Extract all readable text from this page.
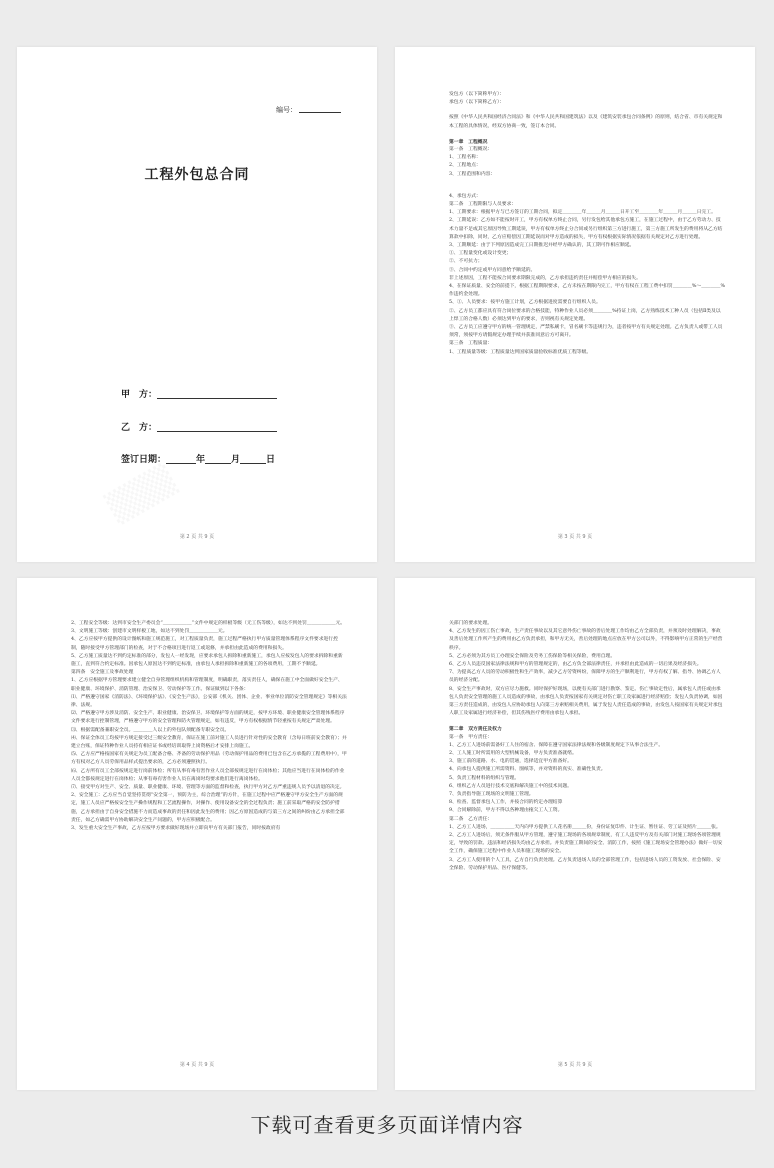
编号：
工程外包总合同
甲　方：
乙　方：
签订日期：	年	月	日
第 2 页 共 9 页

发包方（以下简称甲方）：

承包方（以下简称乙方）：

按照《中华人民共和国经济合同法》和《中华人民共和国建筑法》以及《建筑安装承包合同条例》的原则，结合省、市有关规定和本工程的具体情况，经双方协商一致，签订本合同。

第一章　工程概况

第一条　工程概况：

1、工程名称：

2、工程地点：

3、工程范围和内容：

4、承包方式：

第二条　工程期限与人员要求：

1、工期要求：根据甲方与已方签订的工期合同，拟定＿＿＿＿年＿＿＿月＿＿＿日开工至＿＿＿＿年＿＿＿月＿＿＿日完工。

2、工期延误：乙方如不能按时开工，甲方有权单方终止合同，另行发包给其他承包方施工，在施工过程中，由于乙方劳动力、技术力量不足或其它原因导致工期延误，甲方有权单方终止分合同或另行组织第三方进行施工，第三方施工所发生的费用将从乙方结算款中扣除，同时，乙方应赔偿因工期延误而对甲方造成的损失，甲方有权根据实际情况依据有关规定对乙方进行处理。

3、工期顺延：由于下列原因造成完工日期推迟并经甲方确认的，其工期可作相应顺延。

①、工程量变化或设计变更；

②、不可抗力；

③、合同中约定或甲方同意给予顺延的。

非上述原因，工程不能按合同要求期限完成的，乙方承担违约责任并赔偿甲方相应的损失。

4、在保证质量、安全的前提下，根据工程期限要求，乙方未按在期限内完工，甲方有权在工程工费中扣罚＿＿＿＿%～＿＿＿＿%作违约金处理。

5、①、人员要求：按甲方施工计划，乙方根据进度需要自行组织人员。

②、乙方员工都应具有符合岗位要求的合格技能，特种作业人员必须＿＿＿＿%持证上岗，乙方熟练技术工种人员（包括Ⅱ类及以上焊工的合格人数）必须达到甲方的要求，否则视有关规定处理。

③、乙方员工应遵守甲方的统一管理规定，严禁私刷卡，冒名刷卡等违规行为，违者按甲方有关规定处理。乙方负责人或带工人员须常，须按甲方请假规定办理手续并获准同意后方可离开。

第三条　工程质量：

1、工程质量等级：工程质量达到国家质量验收标准优质工程等级。

第 3 页 共 9 页

2、工程安全等级：达到市安全生产委员会“＿＿＿＿＿＿”文件中规定的样板等级（无工伤等级），如达不到处罚＿＿＿＿＿＿元。

3、文明施工等级：创建市文明样板工地，如达不到处罚＿＿＿＿＿＿元。

4、乙方应按甲方提供的设计图纸和施工规范施工，对工程质量负责，施工过程严格执行甲方质量管理体系程序文件要求进行控制，随时接受甲方管理部门的检查，对于不合格项目进行返工或返修，并承担由此造成的费用和损失。

5、乙方施工质量达不到约定标准的部分，发包人一经发现，应要求承包人拆除和重新施工，承包人应按发包人的要求拆除和重新施工，直到符合约定标准。因承包人原因达不到约定标准，由承包人承担拆除和重新施工的各项费用，工期不予顺延。

第四条　安全施工及事故处理

1、乙方应根据甲方管理要求建立健全自身管理组织机构和管理制度，明确职责，落实责任人，确保在施工中全面做好安全生产、职业健康、环境保护、消防管理、治安保卫、劳动保护等工作。保证做到以下各条：

⑴、严格遵守国家《消防法》、《环境保护法》、《安全生产法》，公安部《机关、团体、企业、事业单位消防安全管理规定》等相关法律、法规。

⑵、严格遵守甲方涉及消防、安全生产、职业健康、治安保卫、环境保护等方面的规定，按甲方环境、职业健康安全管理体系程序文件要求进行控制管理，严格遵守甲方的安全管理和防火管理规定，如有违反，甲方有权根据情节轻重按有关规定严肃处理。

⑶、根据需配备兼职安全员。＿＿＿＿人以上的外包队须配备专职安全员。

⑷、保证全体员工均按甲方规定接受过三级安全教育，保证在施工前对施工人员进行针对性的安全教育（含每日班前安全教育）；并建立台账，保证特种作业人员持有相应证书或经培训取得上岗资格后才安排上岗施工。

⑸、乙方应严格按国家有关规定为员工配备合格、齐备的劳动保护用品（劳动保护用品的费用已包含在乙方承揽的工程费用中），甲方有权对乙方人员劳保用品样式提出要求的，乙方必须遵照执行。

⑹、乙方所有员工全部按规定进行岗前体检；所有从事有毒有害作业人员全部按规定进行在岗体检；其他应当进行在岗体检的作业人员全都按规定进行在岗体检；从事有毒有害作业人员在离岗时均要求他们进行离岗体检。

⑺、接受甲方对生产、安全、质量、职业健康、环境、管理等方面的监督和检查，执行甲方对乙方严重违规人员予以清退的决定。

2、安全施工：乙方应当自觉坚持贯彻“安全第一，预防为主，综合治理”的方针，在施工过程中应严格遵守甲方安全生产方面的规定，施工人员应严格按安全生产操作规程和工艺流程操作，对操作、使用设备安全的全过程负责；施工前采取严格的安全防护措施，乙方承担由于自身安全措施不力而造成事故的责任和因此发生的费用；因乙方原因造成的与第三方之间的纠纷由乙方承担全部责任，如乙方确需甲方协助解决安全生产问题的，甲方应积极配合。

3、发生重大安全生产事故，乙方应按甲方要求做好现场并立即向甲方有关部门报告，同时按政府有

第 4 页 共 9 页

关部门的要求处理。

4、乙方发生的因工伤亡事故，生产责任事故以及其它意外伤亡事故的善后处理工作均由乙方全部负责，并须及时处理解决，事故及善后处理工作所产生的费用由乙方负责承担，和甲方无关，善后处理的地点应放在甲方公司以外，不得影响甲方正常的生产经营秩序。

5、乙方必须为其方员工办理安全保险及劳务工伤保险等相关保险，费用自理。

6、乙方人员违反国家法律法规和甲方的管理规定的，由乙方负全部法律责任，并承担由此造成的一切后果及经济损失。

7、为提高乙方人员的劳动积极性和生产效率，减少乙方劳资纠纷，保障甲方的生产顺利进行，甲方有权了解、指导、协调乙方人员的经济分配。

8、安全生产事故时，双方应尽力施救。同时保护好现场，以便有关部门进行勘察、鉴定。伤亡事故定性后，属承包人责任或由承包人负责安全管理的施工人员造成的事故，由承包人负责按国家有关规定对伤亡职工及家属进行经济赔偿；发包人负责协调，如因第三方责任造成的，由发包人应协助承包人向第三方索赔相关费用，属于发包人责任造成的事故，由发包人按国家有关规定对承包人职工及家属进行经济补偿，但其伤残医疗费用由承包人承担。

第二章　双方责任及权力

第一条　甲方责任：

1、乙方工人进场前需备好工人住的宿舍、保障在遵守国家法律法规和各级制度规定下从事合法生产。

2、工人施工时所需用的大型机械设备，甲方负责准备就绪。

3、施工前的道路、水、电的贯通，选择适宜甲方准备好。

4、向承包人提供施工所需资料、图纸等，并对资料的真实、准确性负责。

5、负责工程材料的组织与管理。

6、组织乙方人员进行技术交底和解决施工中的技术问题。

7、负责指导施工现场的文明施工管理。

8、检查、监督承包人工作，并按合同的约定办理结算

9、合同解除前，甲方不得以各种理由拖欠工人工资。

第二条　乙方责任：

1、乙方工人进场，＿＿＿＿＿天内向甲方提供工人花名册＿＿＿份，身份证复印件、计生证、暂住证、劳工证及照片＿＿＿张。

2、乙方工人进场后，须无条件服从甲方管理，遵守施工现场的各项规章制度，有工人违反甲方及有关部门对施工现场各项管理规定，导致的罚款、违法和经济损失均由乙方承担。并负责施工期间的安全、消防工作，按照《施工现场安全管理办法》做好一切安全工作，确保施工过程中作业人员和施工现场的安全。

3、乙方工人使用的个人工具，乙方自行负责处理。乙方负责进场人员的全部管理工作，包括进场人员的工资发放、社会保险、安全保险、劳动保护用品、医疗保健等。

第 5 页 共 9 页
下载可查看更多页面详情内容
